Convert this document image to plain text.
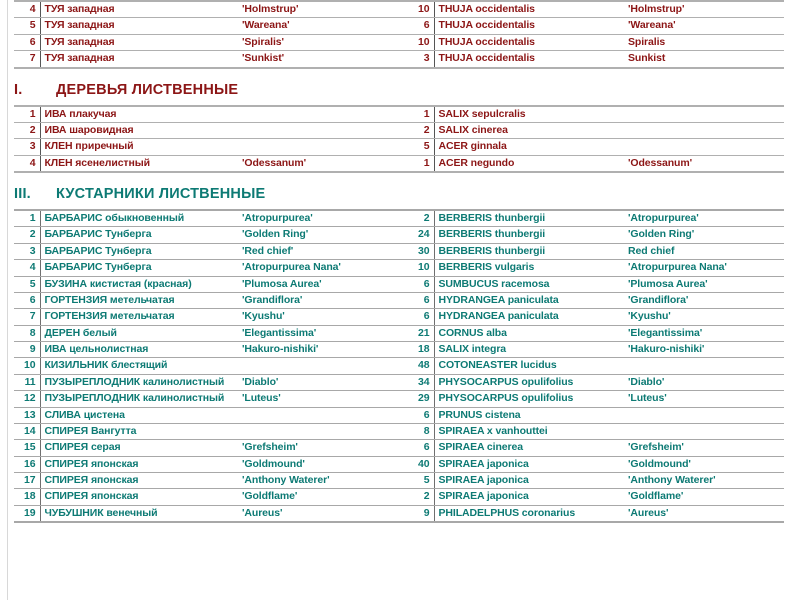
4	ТУЯ западная	'Holmstrup'	10	THUJA occidentalis	'Holmstrup'
5	ТУЯ западная	'Wareana'	6	THUJA occidentalis	'Wareana'
6	ТУЯ западная	'Spiralis'	10	THUJA occidentalis	Spiralis
7	ТУЯ западная	'Sunkist'	3	THUJA occidentalis	Sunkist
I.	ДЕРЕВЬЯ ЛИСТВЕННЫЕ
1	ИВА плакучая		1	SALIX sepulcralis	
2	ИВА шаровидная		2	SALIX cinerea	
3	КЛЕН приречный		5	ACER ginnala	
4	КЛЕН ясенелистный	'Odessanum'	1	ACER negundo	'Odessanum'
III.	КУСТАРНИКИ ЛИСТВЕННЫЕ
1	БАРБАРИС обыкновенный	'Atropurpurea'	2	BERBERIS thunbergii	'Atropurpurea'
2	БАРБАРИС Тунберга	'Golden Ring'	24	BERBERIS thunbergii	'Golden Ring'
3	БАРБАРИС Тунберга	'Red chief'	30	BERBERIS thunbergii	Red chief
4	БАРБАРИС Тунберга	'Atropurpurea Nana'	10	BERBERIS vulgaris	'Atropurpurea Nana'
5	БУЗИНА кистистая (красная)	'Plumosa Aurea'	6	SUMBUCUS racemosa	'Plumosa Aurea'
6	ГОРТЕНЗИЯ метельчатая	'Grandiflora'	6	HYDRANGEA paniculata	'Grandiflora'
7	ГОРТЕНЗИЯ метельчатая	'Kyushu'	6	HYDRANGEA paniculata	'Kyushu'
8	ДЕРЕН белый	'Elegantissima'	21	CORNUS alba	'Elegantissima'
9	ИВА цельнолистная	'Hakuro-nishiki'	18	SALIX integra	'Hakuro-nishiki'
10	КИЗИЛЬНИК блестящий		48	COTONEASTER lucidus	
11	ПУЗЫРЕПЛОДНИК калинолистный	'Diablo'	34	PHYSOCARPUS opulifolius	'Diablo'
12	ПУЗЫРЕПЛОДНИК калинолистный	'Luteus'	29	PHYSOCARPUS opulifolius	'Luteus'
13	СЛИВА цистена		6	PRUNUS cistena	
14	СПИРЕЯ Вангутта		8	SPIRAEA x vanhouttei	
15	СПИРЕЯ серая	'Grefsheim'	6	SPIRAEA cinerea	'Grefsheim'
16	СПИРЕЯ японская	'Goldmound'	40	SPIRAEA japonica	'Goldmound'
17	СПИРЕЯ японская	'Anthony Waterer'	5	SPIRAEA japonica	'Anthony Waterer'
18	СПИРЕЯ японская	'Goldflame'	2	SPIRAEA japonica	'Goldflame'
19	ЧУБУШНИК венечный	'Aureus'	9	PHILADELPHUS coronarius	'Aureus'
